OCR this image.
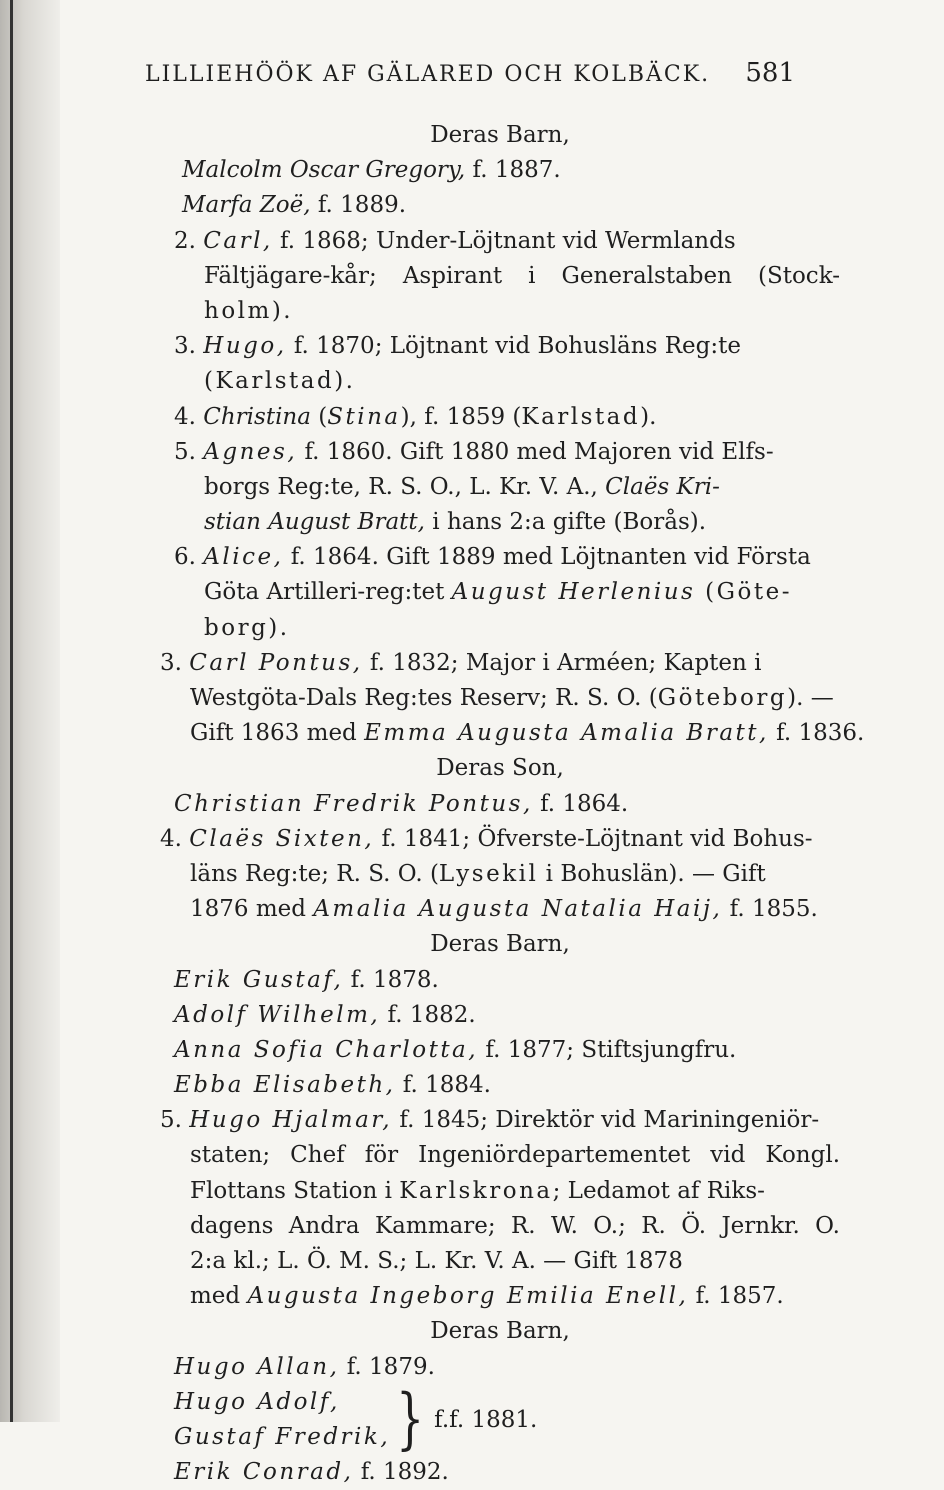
LILLIEHÖÖK AF GÄLARED OCH KOLBÄCK. 581
Deras Barn,
Malcolm Oscar Gregory, f. 1887.
Marfa Zoë, f. 1889.
2. Carl, f. 1868; Under-Löjtnant vid Wermlands
Fältjägare-kår; Aspirant i Generalstaben (Stock-
holm).
3. Hugo, f. 1870; Löjtnant vid Bohusläns Reg:te
(Karlstad).
4. Christina (Stina), f. 1859 (Karlstad).
5. Agnes, f. 1860. Gift 1880 med Majoren vid Elfs-
borgs Reg:te, R. S. O., L. Kr. V. A., Claës Kri-
stian August Bratt, i hans 2:a gifte (Borås).
6. Alice, f. 1864. Gift 1889 med Löjtnanten vid Första
Göta Artilleri-reg:tet August Herlenius (Göte-
borg).
3. Carl Pontus, f. 1832; Major i Arméen; Kapten i
Westgöta-Dals Reg:tes Reserv; R. S. O. (Göteborg). —
Gift 1863 med Emma Augusta Amalia Bratt, f. 1836.
Deras Son,
Christian Fredrik Pontus, f. 1864.
4. Claës Sixten, f. 1841; Öfverste-Löjtnant vid Bohus-
läns Reg:te; R. S. O. (Lysekil i Bohuslän). — Gift
1876 med Amalia Augusta Natalia Haij, f. 1855.
Deras Barn,
Erik Gustaf, f. 1878.
Adolf Wilhelm, f. 1882.
Anna Sofia Charlotta, f. 1877; Stiftsjungfru.
Ebba Elisabeth, f. 1884.
5. Hugo Hjalmar, f. 1845; Direktör vid Mariningeniör-
staten; Chef för Ingeniördepartementet vid Kongl.
Flottans Station i Karlskrona; Ledamot af Riks-
dagens Andra Kammare; R. W. O.; R. Ö. Jernkr. O.
2:a kl.; L. Ö. M. S.; L. Kr. V. A. — Gift 1878
med Augusta Ingeborg Emilia Enell, f. 1857.
Deras Barn,
Hugo Allan, f. 1879.
Hugo Adolf,
Gustaf Fredrik, } f.f. 1881.
Erik Conrad, f. 1892.
